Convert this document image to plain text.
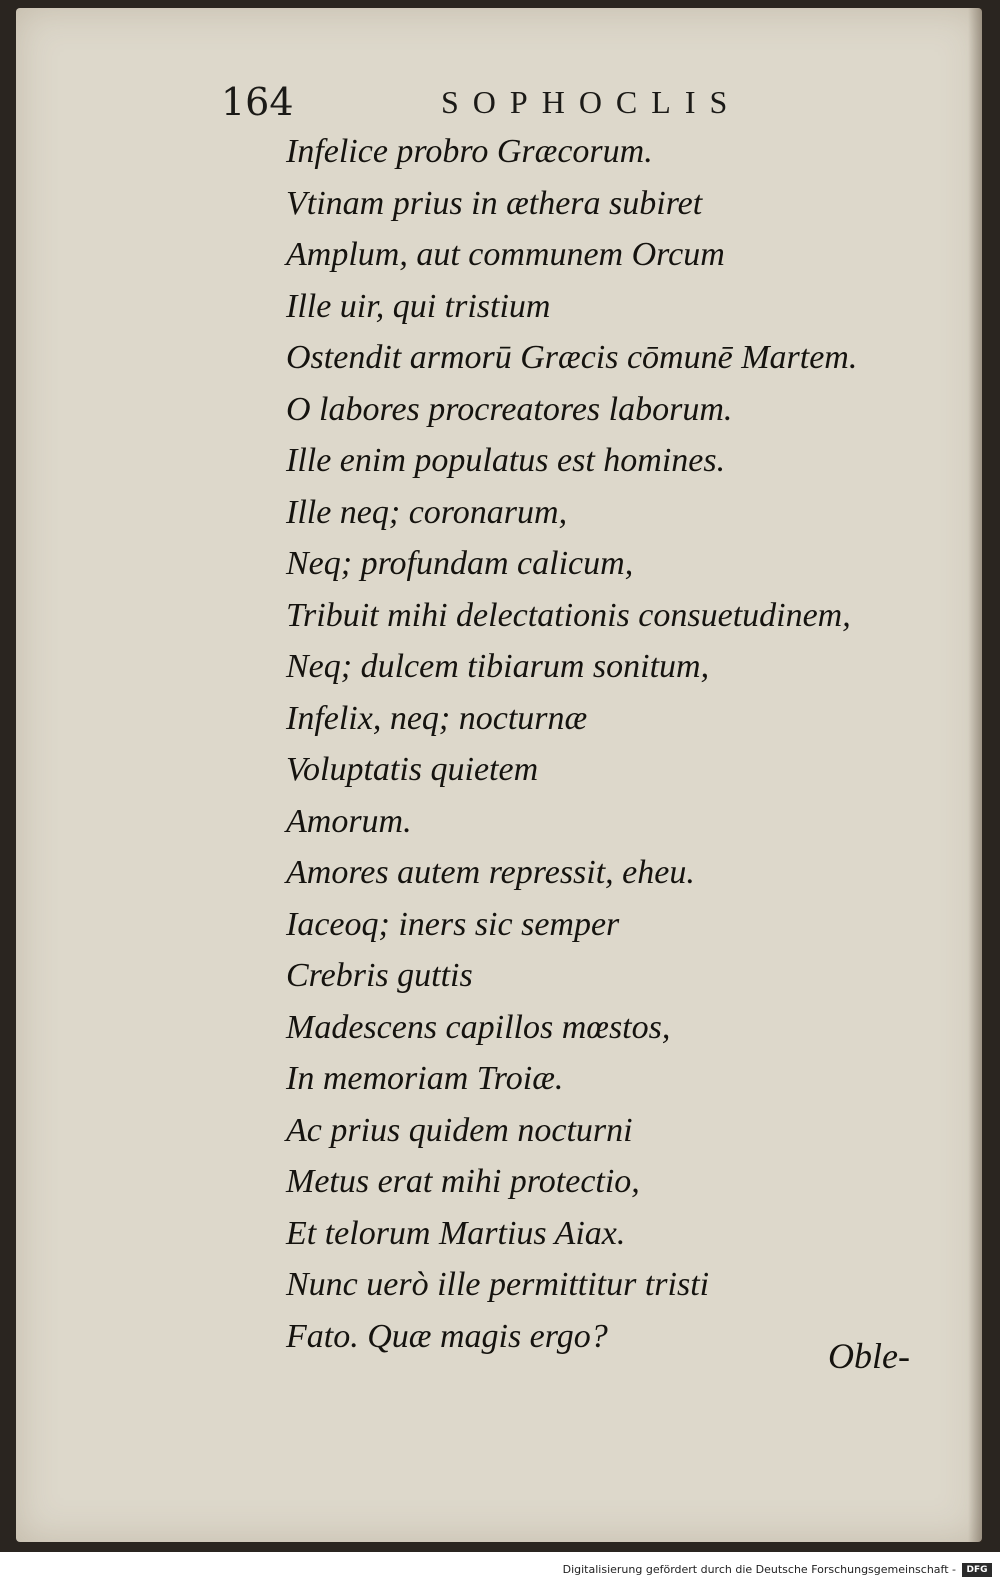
164	SOPHOCLIS
Infelice probro Græcorum.
Vtinam prius in æthera subiret
Amplum, aut communem Orcum
Ille uir, qui tristium
Ostendit armorū Græcis cōmunē Martem.
O labores procreatores laborum.
Ille enim populatus est homines.
Ille neq; coronarum,
Neq; profundam calicum,
Tribuit mihi delectationis consuetudinem,
Neq; dulcem tibiarum sonitum,
Infelix, neq; nocturnæ
Voluptatis quietem
Amorum.
Amores autem repressit, eheu.
Iaceoq; iners sic semper
Crebris guttis
Madescens capillos mœstos,
In memoriam Troiæ.
Ac prius quidem nocturni
Metus erat mihi protectio,
Et telorum Martius Aiax.
Nunc uerò ille permittitur tristi
Fato. Quæ magis ergo?	Oble-
Digitalisierung gefördert durch die Deutsche Forschungsgemeinschaft -	DFG
